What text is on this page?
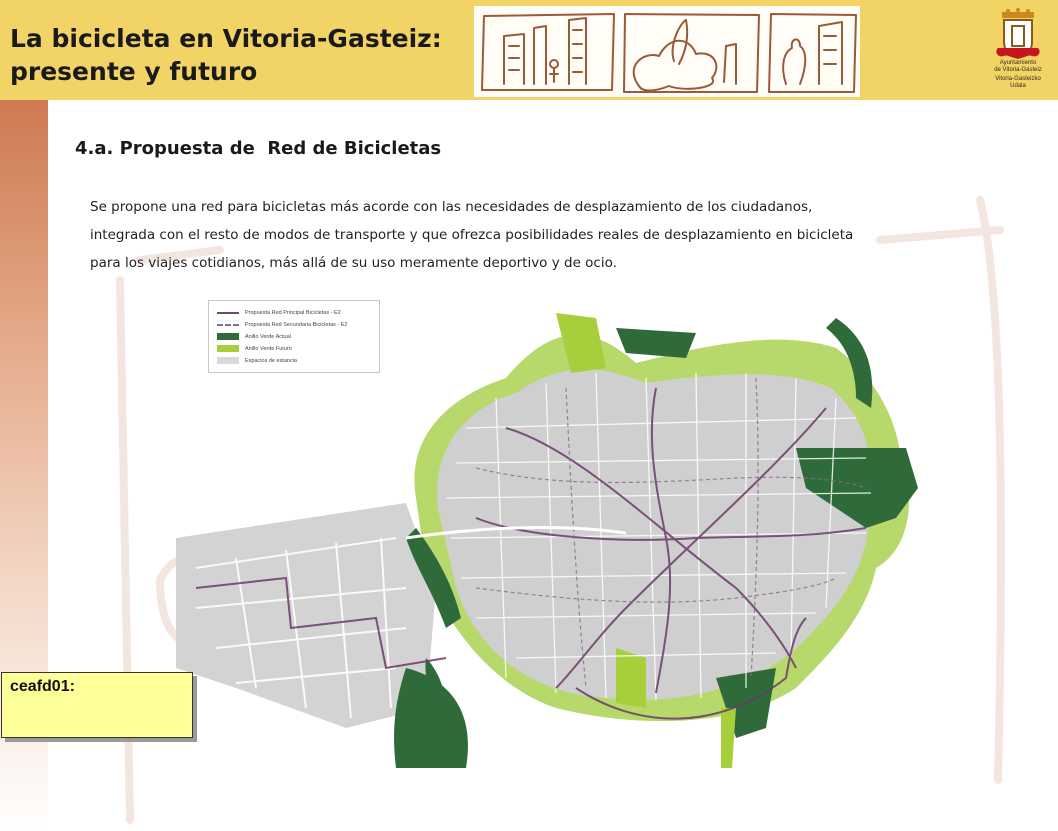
La bicicleta en Vitoria-Gasteiz:
presente y futuro	Ayuntamiento
de Vitoria-Gasteiz
Vitoria-Gasteizko
Udala
4.a. Propuesta de  Red de Bicicletas
Se propone una red para bicicletas más acorde con las necesidades de desplazamiento de los ciudadanos,
integrada con el resto de modos de transporte y que ofrezca posibilidades reales de desplazamiento en bicicleta
para los viajes cotidianos, más allá de su uso meramente deportivo y de ocio.
Propuesta Red Principal Bicicletas - E2
Propuesta Red Secundaria Bicicletas - E2
Anillo Verde Actual
Anillo Verde Futuro
Espacios de estancia
ceafd01:
